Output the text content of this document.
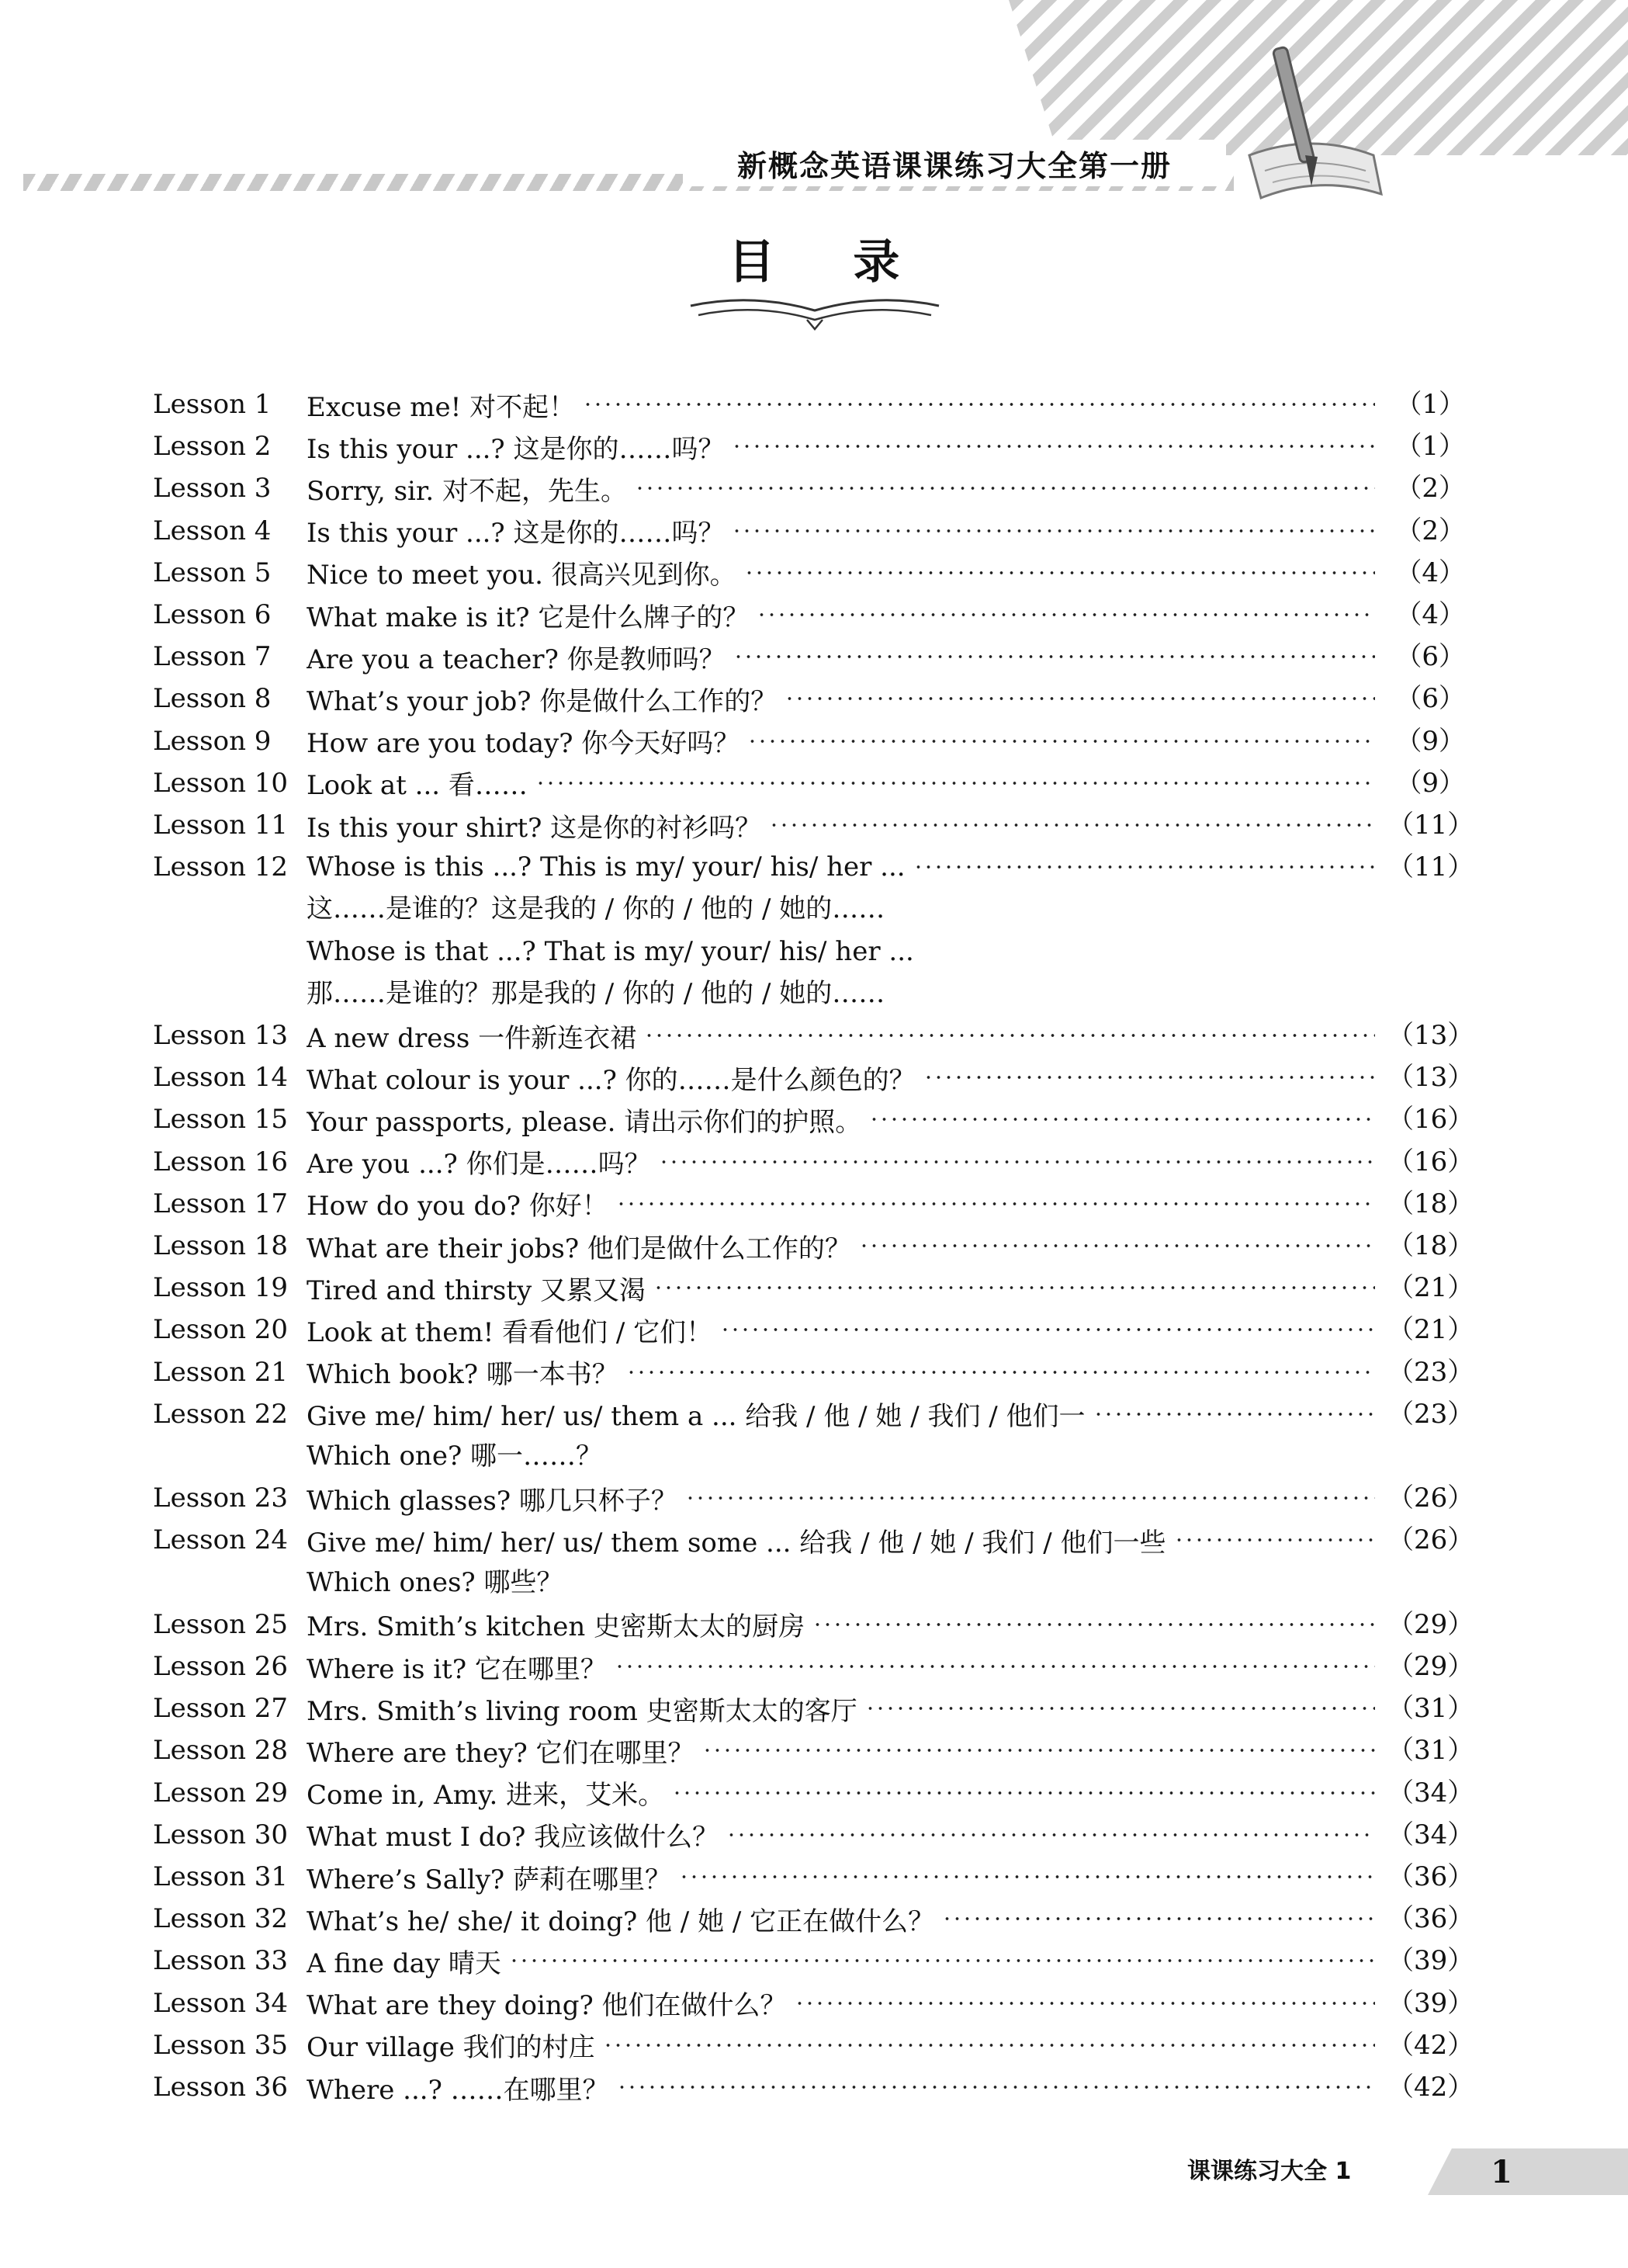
新概念英语课课练习大全第一册
目 录
Lesson 1 Excuse me! 对不起！	（1）
Lesson 2 Is this your ...? 这是你的……吗？	（1）
Lesson 3 Sorry, sir. 对不起，先生。	（2）
Lesson 4 Is this your ...? 这是你的……吗？	（2）
Lesson 5 Nice to meet you. 很高兴见到你。	（4）
Lesson 6 What make is it? 它是什么牌子的？	（4）
Lesson 7 Are you a teacher? 你是教师吗？	（6）
Lesson 8 What’s your job? 你是做什么工作的？	（6）
Lesson 9 How are you today? 你今天好吗？	（9）
Lesson 10 Look at ... 看……	（9）
Lesson 11 Is this your shirt? 这是你的衬衫吗？	（11）
Lesson 12 Whose is this ...? This is my/ your/ his/ her ...	（11）
这……是谁的？这是我的 / 你的 / 他的 / 她的……
Whose is that ...? That is my/ your/ his/ her ...
那……是谁的？那是我的 / 你的 / 他的 / 她的……
Lesson 13 A new dress 一件新连衣裙	（13）
Lesson 14 What colour is your ...? 你的……是什么颜色的？	（13）
Lesson 15 Your passports, please. 请出示你们的护照。	（16）
Lesson 16 Are you ...? 你们是……吗？	（16）
Lesson 17 How do you do? 你好！	（18）
Lesson 18 What are their jobs? 他们是做什么工作的？	（18）
Lesson 19 Tired and thirsty 又累又渴	（21）
Lesson 20 Look at them! 看看他们 / 它们！	（21）
Lesson 21 Which book? 哪一本书？	（23）
Lesson 22 Give me/ him/ her/ us/ them a ... 给我 / 他 / 她 / 我们 / 他们一	（23）
Which one? 哪一……？
Lesson 23 Which glasses? 哪几只杯子？	（26）
Lesson 24 Give me/ him/ her/ us/ them some ... 给我 / 他 / 她 / 我们 / 他们一些	（26）
Which ones? 哪些？
Lesson 25 Mrs. Smith’s kitchen 史密斯太太的厨房	（29）
Lesson 26 Where is it? 它在哪里？	（29）
Lesson 27 Mrs. Smith’s living room 史密斯太太的客厅	（31）
Lesson 28 Where are they? 它们在哪里？	（31）
Lesson 29 Come in, Amy. 进来，艾米。	（34）
Lesson 30 What must I do? 我应该做什么？	（34）
Lesson 31 Where’s Sally? 萨莉在哪里？	（36）
Lesson 32 What’s he/ she/ it doing? 他 / 她 / 它正在做什么？	（36）
Lesson 33 A fine day 晴天	（39）
Lesson 34 What are they doing? 他们在做什么？	（39）
Lesson 35 Our village 我们的村庄	（42）
Lesson 36 Where ...? ……在哪里？	（42）
课课练习大全 1	1
